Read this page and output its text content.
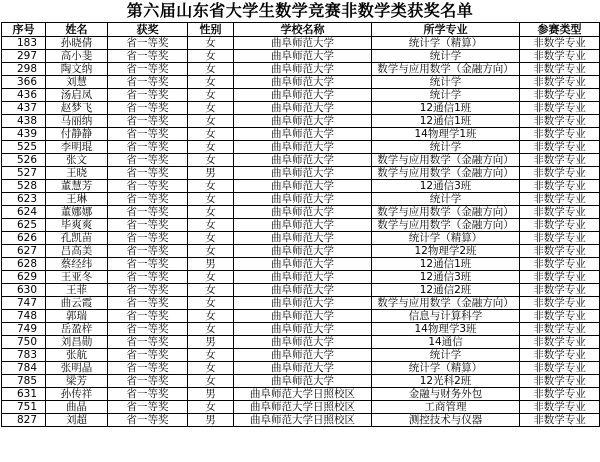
第六届山东省大学生数学竞赛非数学类获奖名单
序号	姓名	获奖	性别	学校名称	所学专业	参赛类型
183	孙晓倩	省一等奖	女	曲阜师范大学	统计学（精算）	非数学专业
297	高小斐	省一等奖	女	曲阜师范大学	统计学	非数学专业
298	陶文纳	省一等奖	女	曲阜师范大学	数学与应用数学（金融方向）	非数学专业
366	刘慧	省一等奖	女	曲阜师范大学	统计学	非数学专业
436	汤启凤	省一等奖	女	曲阜师范大学	统计学	非数学专业
437	赵梦飞	省一等奖	女	曲阜师范大学	12通信1班	非数学专业
438	马丽纳	省一等奖	女	曲阜师范大学	12通信1班	非数学专业
439	付静静	省一等奖	女	曲阜师范大学	14物理学1班	非数学专业
525	李明琨	省一等奖	女	曲阜师范大学	统计学	非数学专业
526	张文	省一等奖	女	曲阜师范大学	数学与应用数学（金融方向）	非数学专业
527	王晓	省一等奖	男	曲阜师范大学	数学与应用数学（金融方向）	非数学专业
528	董慧芳	省一等奖	女	曲阜师范大学	12通信3班	非数学专业
623	王琳	省一等奖	女	曲阜师范大学	统计学	非数学专业
624	董娜娜	省一等奖	女	曲阜师范大学	数学与应用数学（金融方向）	非数学专业
625	毕爽爽	省一等奖	女	曲阜师范大学	数学与应用数学（金融方向）	非数学专业
626	孔凯苗	省一等奖	女	曲阜师范大学	统计学（精算）	非数学专业
627	吕高美	省一等奖	女	曲阜师范大学	12物理学2班	非数学专业
628	蔡经纬	省一等奖	男	曲阜师范大学	12通信1班	非数学专业
629	王亚冬	省一等奖	女	曲阜师范大学	12通信3班	非数学专业
630	王菲	省一等奖	女	曲阜师范大学	12通信2班	非数学专业
747	曲云霞	省一等奖	女	曲阜师范大学	数学与应用数学（金融方向）	非数学专业
748	郭瑞	省一等奖	女	曲阜师范大学	信息与计算科学	非数学专业
749	岳盈梓	省一等奖	女	曲阜师范大学	14物理学3班	非数学专业
750	刘昌勋	省一等奖	男	曲阜师范大学	14通信	非数学专业
783	张航	省一等奖	女	曲阜师范大学	统计学	非数学专业
784	张明晶	省一等奖	女	曲阜师范大学	统计学（精算）	非数学专业
785	梁芳	省一等奖	女	曲阜师范大学	12光科2班	非数学专业
631	孙传祥	省一等奖	男	曲阜师范大学日照校区	金融与财务外包	非数学专业
751	曲晶	省一等奖	女	曲阜师范大学日照校区	工商管理	非数学专业
827	刘超	省一等奖	男	曲阜师范大学日照校区	测控技术与仪器	非数学专业
